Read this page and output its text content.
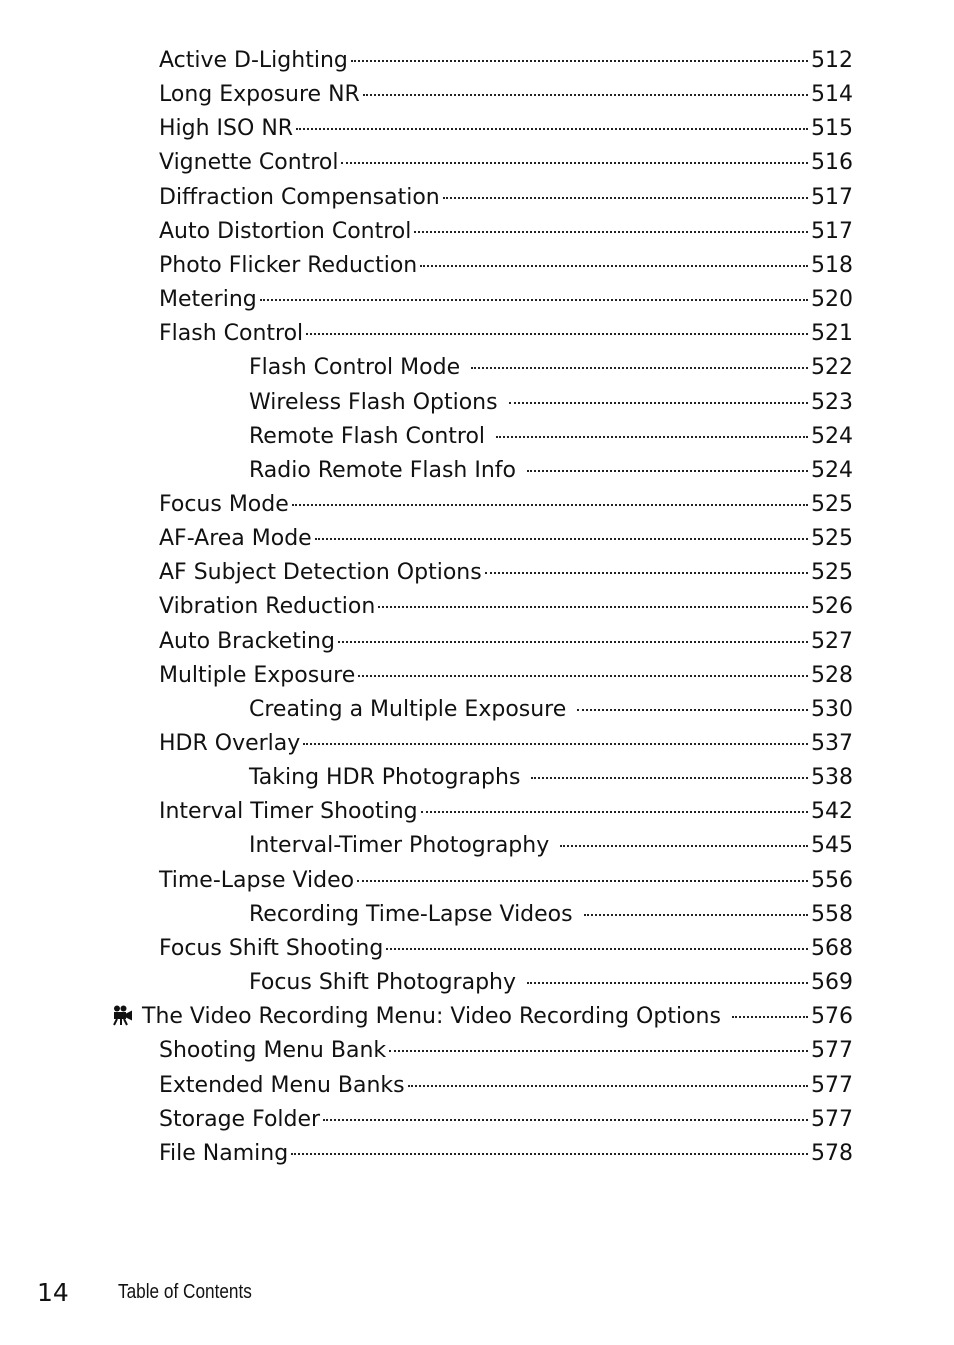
Active D-Lighting	512
Long Exposure NR	514
High ISO NR	515
Vignette Control	516
Diffraction Compensation	517
Auto Distortion Control	517
Photo Flicker Reduction	518
Metering	520
Flash Control	521
Flash Control Mode	522
Wireless Flash Options	523
Remote Flash Control	524
Radio Remote Flash Info	524
Focus Mode	525
AF-Area Mode	525
AF Subject Detection Options	525
Vibration Reduction	526
Auto Bracketing	527
Multiple Exposure	528
Creating a Multiple Exposure	530
HDR Overlay	537
Taking HDR Photographs	538
Interval Timer Shooting	542
Interval-Timer Photography	545
Time-Lapse Video	556
Recording Time-Lapse Videos	558
Focus Shift Shooting	568
Focus Shift Photography	569
The Video Recording Menu: Video Recording Options	576
Shooting Menu Bank	577
Extended Menu Banks	577
Storage Folder	577
File Naming	578
14 Table of Contents
